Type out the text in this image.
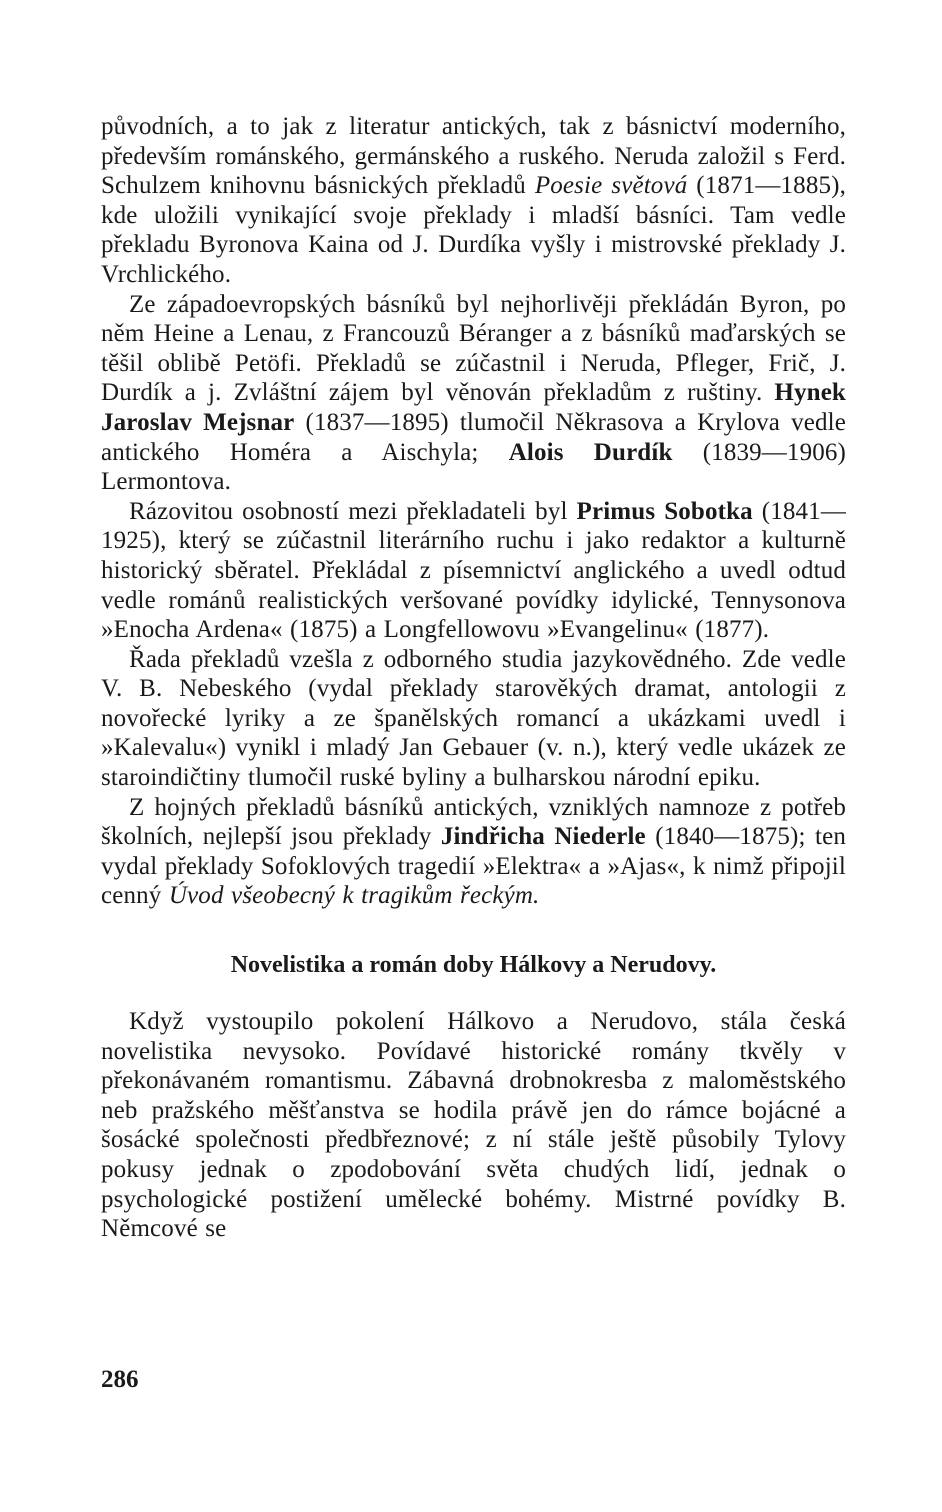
původních, a to jak z literatur antických, tak z básnictví moderního, především románského, germánského a ruského. Neruda založil s Ferd. Schulzem knihovnu básnických překladů Poesie světová (1871—1885), kde uložili vynikající svoje překlady i mladší básníci. Tam vedle překladu Byronova Kaina od J. Durdíka vyšly i mistrovské překlady J. Vrchlického.

Ze západoevropských básníků byl nejhorlivěji překládán Byron, po něm Heine a Lenau, z Francouzů Béranger a z básníků maďarských se těšil oblibě Petöfi. Překladů se zúčastnil i Neruda, Pfleger, Frič, J. Durdík a j. Zvláštní zájem byl věnován překladům z ruštiny. Hynek Jaroslav Mejsnar (1837—1895) tlumočil Někrasova a Krylova vedle antického Homéra a Aischyla; Alois Durdík (1839—1906) Lermontova.

Rázovitou osobností mezi překladateli byl Primus Sobotka (1841—1925), který se zúčastnil literárního ruchu i jako redaktor a kulturně historický sběratel. Překládal z písemnictví anglického a uvedl odtud vedle románů realistických veršované povídky idylické, Tennysonova »Enocha Ardena« (1875) a Longfellowovu »Evangelinu« (1877).

Řada překladů vzešla z odborného studia jazykovědného. Zde vedle V. B. Nebeského (vydal překlady starověkých dramat, antologii z novořecké lyriky a ze španělských romancí a ukázkami uvedl i »Kalevalu«) vynikl i mladý Jan Gebauer (v. n.), který vedle ukázek ze staroindičtiny tlumočil ruské byliny a bulharskou národní epiku.

Z hojných překladů básníků antických, vzniklých namnoze z potřeb školních, nejlepší jsou překlady Jindřicha Niederle (1840—1875); ten vydal překlady Sofoklových tragedií »Elektra« a »Ajas«, k nimž připojil cenný Úvod všeobecný k tragikům řeckým.

Novelistika a román doby Hálkovy a Nerudovy.

Když vystoupilo pokolení Hálkovo a Nerudovo, stála česká novelistika nevysoko. Povídavé historické romány tkvěly v překonávaném romantismu. Zábavná drobnokresba z maloměstského neb pražského měšťanstva se hodila právě jen do rámce bojácné a šosácké společnosti předbřeznové; z ní stále ještě působily Tylovy pokusy jednak o zpodobování světa chudých lidí, jednak o psychologické postižení umělecké bohémy. Mistrné povídky B. Němcové se

286
